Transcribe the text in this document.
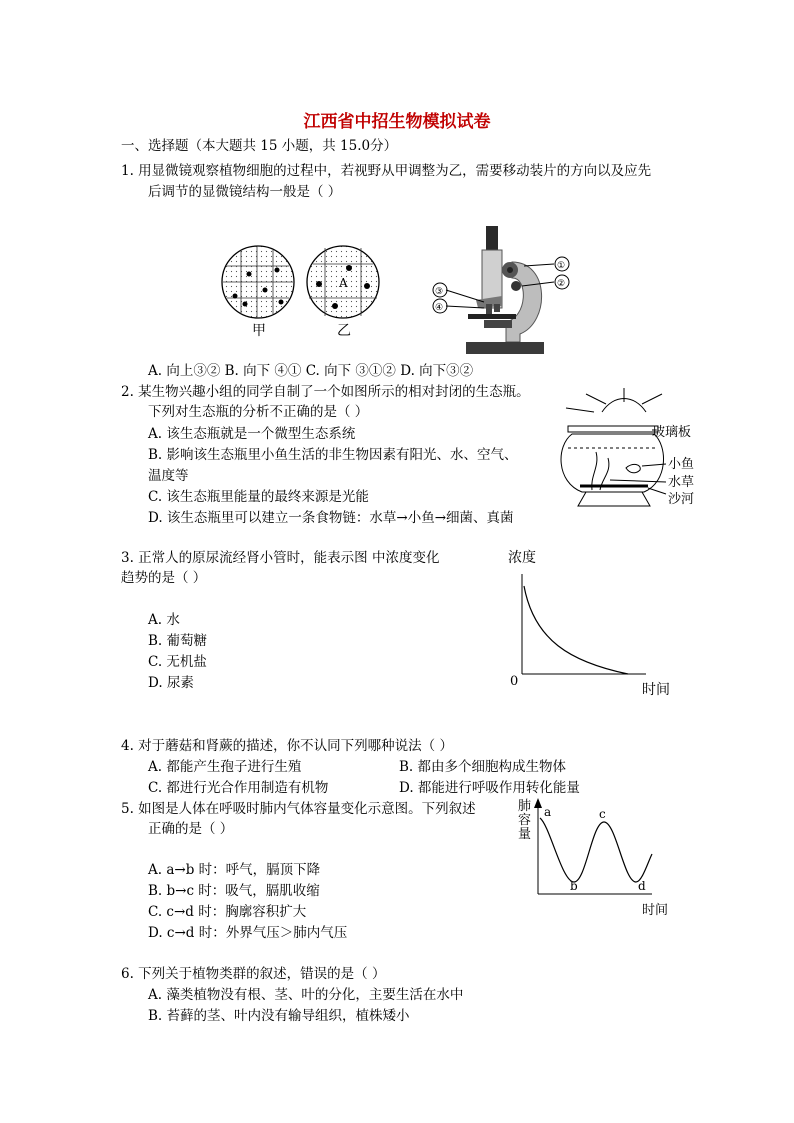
江西省中招生物模拟试卷
一、选择题（本大题共 15 小题，共 15.0分）
1. 用显微镜观察植物细胞的过程中，若视野从甲调整为乙，需要移动装片的方向以及应先
后调节的显微镜结构一般是（ ）
A
甲	乙
①
②
③
④
A. 向上③② B. 向下 ④① C. 向下 ③①② D. 向下③②
2. 某生物兴趣小组的同学自制了一个如图所示的相对封闭的生态瓶。
下列对生态瓶的分析不正确的是（ ）
A. 该生态瓶就是一个微型生态系统
B. 影响该生态瓶里小鱼生活的非生物因素有阳光、水、空气、
温度等
C. 该生态瓶里能量的最终来源是光能
D. 该生态瓶里可以建立一条食物链：水草→小鱼→细菌、真菌
玻璃板
小鱼
水草
沙河
3. 正常人的原尿流经肾小管时，能表示图 中浓度变化
趋势的是（ ）
A. 水
B. 葡萄糖
C. 无机盐
D. 尿素
浓度
时间
0
4. 对于蘑菇和肾蕨的描述，你不认同下列哪种说法（ ）
A. 都能产生孢子进行生殖	B. 都由多个细胞构成生物体
C. 都进行光合作用制造有机物	D. 都能进行呼吸作用转化能量
5. 如图是人体在呼吸时肺内气体容量变化示意图。下列叙述
正确的是（ ）
A. a→b 时：呼气，膈顶下降
B. b→c 时：吸气，膈肌收缩
C. c→d 时：胸廓容积扩大
D. c→d 时：外界气压＞肺内气压
肺
容
量
a
b
c
d
时间
6. 下列关于植物类群的叙述，错误的是（ ）
A. 藻类植物没有根、茎、叶的分化，主要生活在水中
B. 苔藓的茎、叶内没有输导组织，植株矮小
